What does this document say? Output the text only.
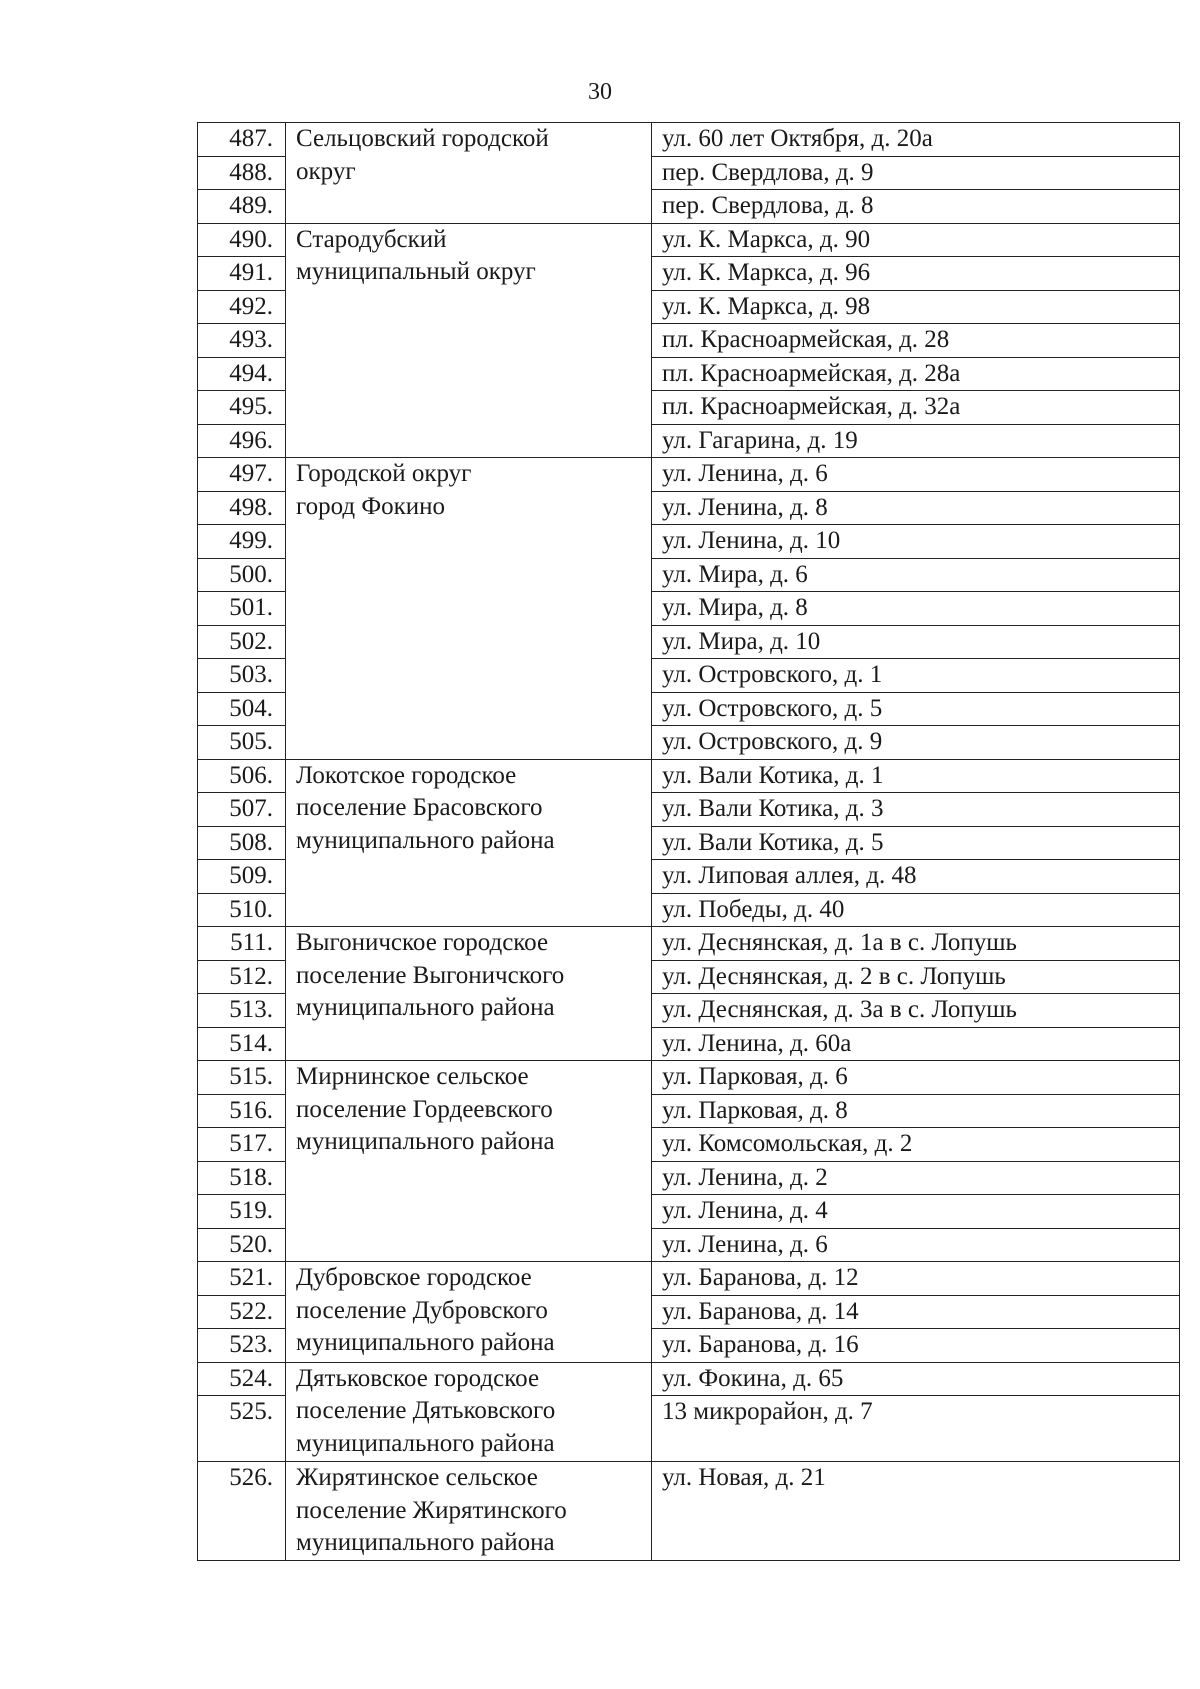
30
487.	Сельцовский городской
округ	ул. 60 лет Октября, д. 20а
488.		пер. Свердлова, д. 9
489.		пер. Свердлова, д. 8
490.	Стародубский
муниципальный округ	ул. К. Маркса, д. 90
491.		ул. К. Маркса, д. 96
492.		ул. К. Маркса, д. 98
493.		пл. Красноармейская, д. 28
494.		пл. Красноармейская, д. 28а
495.		пл. Красноармейская, д. 32а
496.		ул. Гагарина, д. 19
497.	Городской округ
город Фокино	ул. Ленина, д. 6
498.		ул. Ленина, д. 8
499.		ул. Ленина, д. 10
500.		ул. Мира, д. 6
501.		ул. Мира, д. 8
502.		ул. Мира, д. 10
503.		ул. Островского, д. 1
504.		ул. Островского, д. 5
505.		ул. Островского, д. 9
506.	Локотское городское
поселение Брасовского
муниципального района	ул. Вали Котика, д. 1
507.		ул. Вали Котика, д. 3
508.		ул. Вали Котика, д. 5
509.		ул. Липовая аллея, д. 48
510.		ул. Победы, д. 40
511.	Выгоничское городское
поселение Выгоничского
муниципального района	ул. Деснянская, д. 1а в с. Лопушь
512.		ул. Деснянская, д. 2 в с. Лопушь
513.		ул. Деснянская, д. 3а в с. Лопушь
514.		ул. Ленина, д. 60а
515.	Мирнинское сельское
поселение Гордеевского
муниципального района	ул. Парковая, д. 6
516.		ул. Парковая, д. 8
517.		ул. Комсомольская, д. 2
518.		ул. Ленина, д. 2
519.		ул. Ленина, д. 4
520.		ул. Ленина, д. 6
521.	Дубровское городское
поселение Дубровского
муниципального района	ул. Баранова, д. 12
522.		ул. Баранова, д. 14
523.		ул. Баранова, д. 16
524.	Дятьковское городское
поселение Дятьковского
муниципального района	ул. Фокина, д. 65
525.		13 микрорайон, д. 7
526.	Жирятинское сельское
поселение Жирятинского
муниципального района	ул. Новая, д. 21
